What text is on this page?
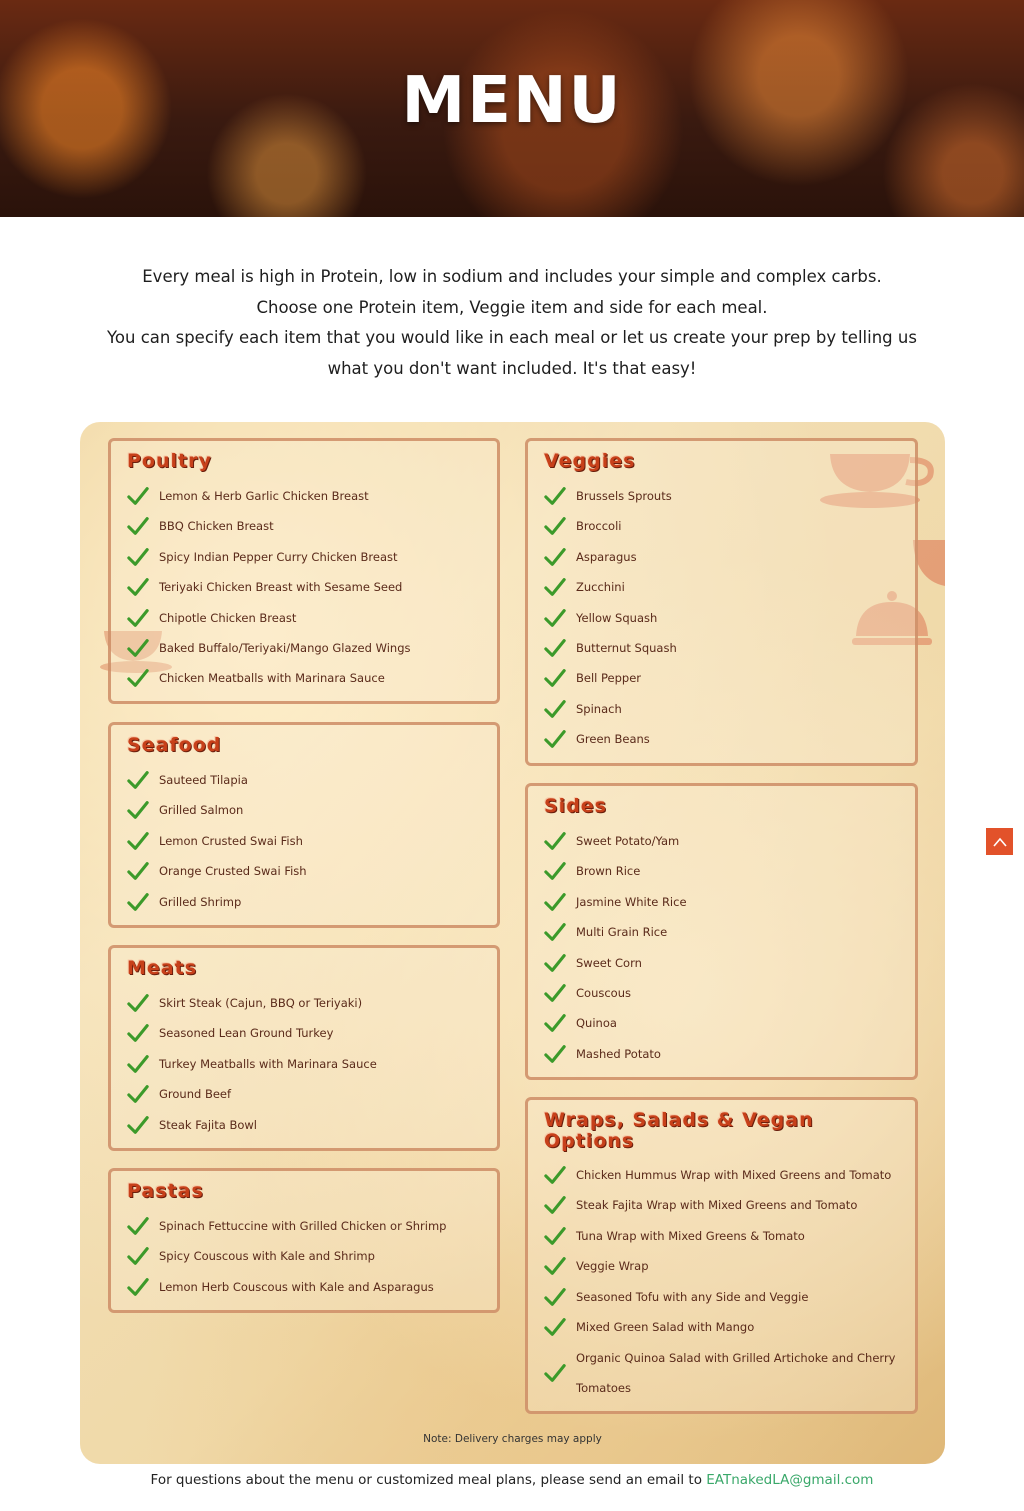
MENU
Every meal is high in Protein, low in sodium and includes your simple and complex carbs.
Choose one Protein item, Veggie item and side for each meal.
You can specify each item that you would like in each meal or let us create your prep by telling us what you don't want included. It's that easy!
Poultry
Lemon & Herb Garlic Chicken Breast
BBQ Chicken Breast
Spicy Indian Pepper Curry Chicken Breast
Teriyaki Chicken Breast with Sesame Seed
Chipotle Chicken Breast
Baked Buffalo/Teriyaki/Mango Glazed Wings
Chicken Meatballs with Marinara Sauce
Seafood
Sauteed Tilapia
Grilled Salmon
Lemon Crusted Swai Fish
Orange Crusted Swai Fish
Grilled Shrimp
Meats
Skirt Steak (Cajun, BBQ or Teriyaki)
Seasoned Lean Ground Turkey
Turkey Meatballs with Marinara Sauce
Ground Beef
Steak Fajita Bowl
Pastas
Spinach Fettuccine with Grilled Chicken or Shrimp
Spicy Couscous with Kale and Shrimp
Lemon Herb Couscous with Kale and Asparagus
Veggies
Brussels Sprouts
Broccoli
Asparagus
Zucchini
Yellow Squash
Butternut Squash
Bell Pepper
Spinach
Green Beans
Sides
Sweet Potato/Yam
Brown Rice
Jasmine White Rice
Multi Grain Rice
Sweet Corn
Couscous
Quinoa
Mashed Potato
Wraps, Salads & Vegan
Options
Chicken Hummus Wrap with Mixed Greens and Tomato
Steak Fajita Wrap with Mixed Greens and Tomato
Tuna Wrap with Mixed Greens & Tomato
Veggie Wrap
Seasoned Tofu with any Side and Veggie
Mixed Green Salad with Mango
Organic Quinoa Salad with Grilled Artichoke and Cherry
Tomatoes
Note: Delivery charges may apply
For questions about the menu or customized meal plans, please send an email to EATnakedLA@gmail.com
